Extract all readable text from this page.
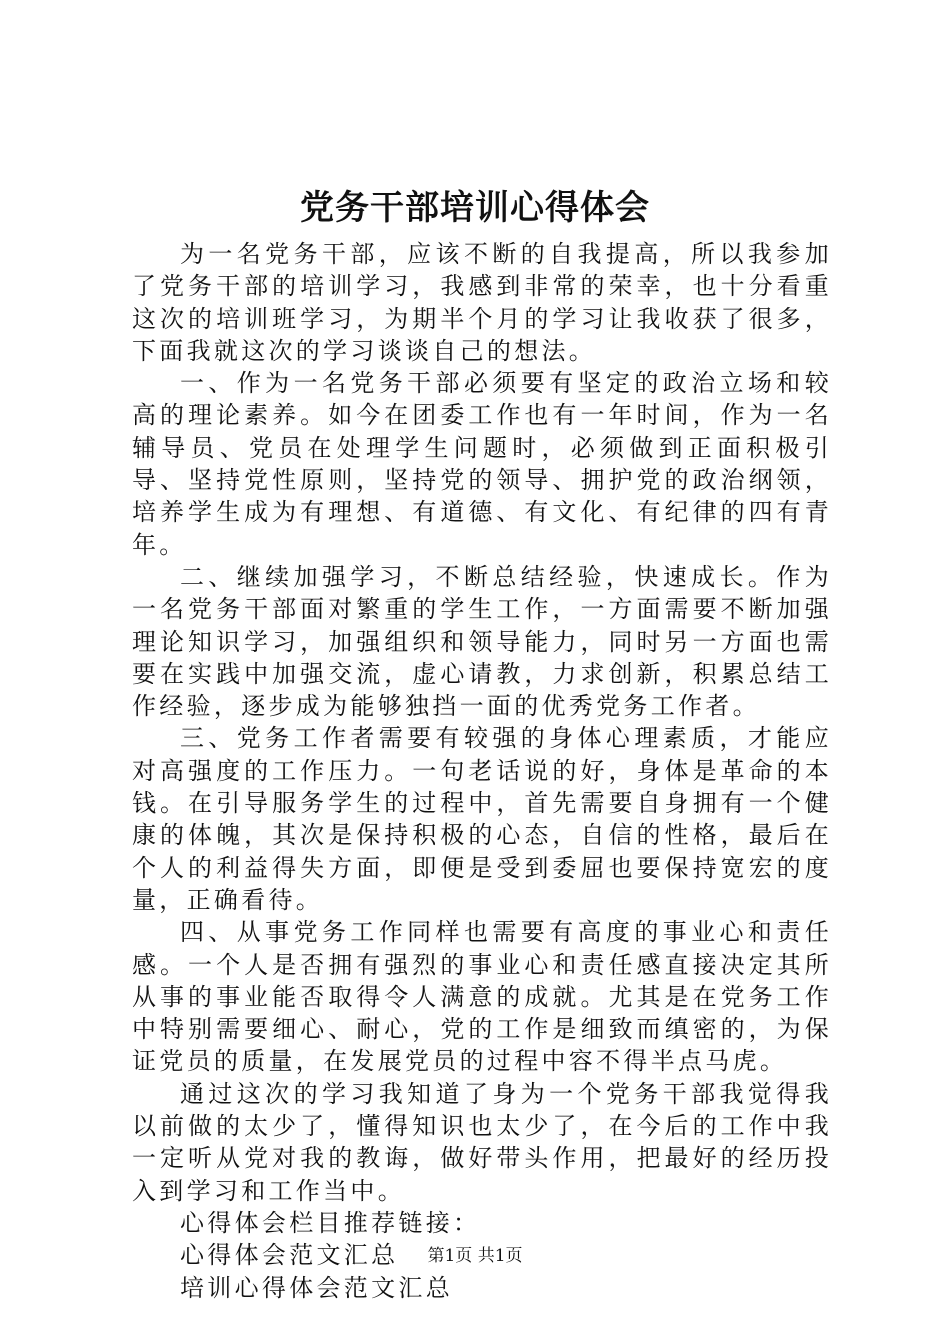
党务干部培训心得体会

为一名党务干部，应该不断的自我提高，所以我参加了党务干部的培训学习，我感到非常的荣幸，也十分看重这次的培训班学习，为期半个月的学习让我收获了很多，下面我就这次的学习谈谈自己的想法。

一、作为一名党务干部必须要有坚定的政治立场和较高的理论素养。如今在团委工作也有一年时间，作为一名辅导员、党员在处理学生问题时，必须做到正面积极引导、坚持党性原则，坚持党的领导、拥护党的政治纲领，培养学生成为有理想、有道德、有文化、有纪律的四有青年。

二、继续加强学习，不断总结经验，快速成长。作为一名党务干部面对繁重的学生工作，一方面需要不断加强理论知识学习，加强组织和领导能力，同时另一方面也需要在实践中加强交流，虚心请教，力求创新，积累总结工作经验，逐步成为能够独挡一面的优秀党务工作者。

三、党务工作者需要有较强的身体心理素质，才能应对高强度的工作压力。一句老话说的好，身体是革命的本钱。在引导服务学生的过程中，首先需要自身拥有一个健康的体魄，其次是保持积极的心态，自信的性格，最后在个人的利益得失方面，即便是受到委屈也要保持宽宏的度量，正确看待。

四、从事党务工作同样也需要有高度的事业心和责任感。一个人是否拥有强烈的事业心和责任感直接决定其所从事的事业能否取得令人满意的成就。尤其是在党务工作中特别需要细心、耐心，党的工作是细致而缜密的，为保证党员的质量，在发展党员的过程中容不得半点马虎。

通过这次的学习我知道了身为一个党务干部我觉得我以前做的太少了，懂得知识也太少了，在今后的工作中我一定听从党对我的教诲，做好带头作用，把最好的经历投入到学习和工作当中。

心得体会栏目推荐链接：

心得体会范文汇总

培训心得体会范文汇总

第1页 共1页
